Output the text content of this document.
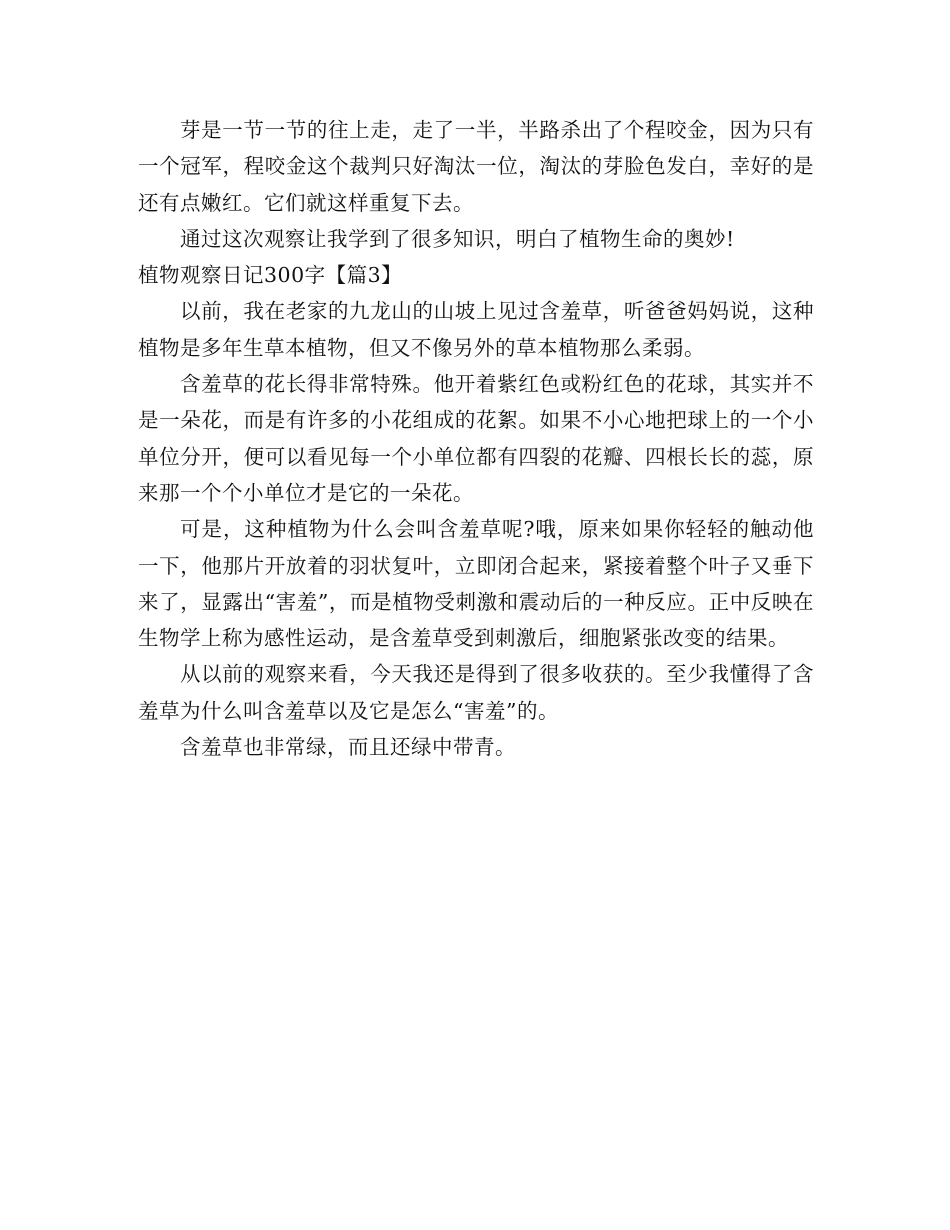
芽是一节一节的往上走，走了一半，半路杀出了个程咬金，因为只有一个冠军，程咬金这个裁判只好淘汰一位，淘汰的芽脸色发白，幸好的是还有点嫩红。它们就这样重复下去。

通过这次观察让我学到了很多知识，明白了植物生命的奥妙!

植物观察日记300字【篇3】

以前，我在老家的九龙山的山坡上见过含羞草，听爸爸妈妈说，这种植物是多年生草本植物，但又不像另外的草本植物那么柔弱。

含羞草的花长得非常特殊。他开着紫红色或粉红色的花球，其实并不是一朵花，而是有许多的小花组成的花絮。如果不小心地把球上的一个小单位分开，便可以看见每一个小单位都有四裂的花瓣、四根长长的蕊，原来那一个个小单位才是它的一朵花。

可是，这种植物为什么会叫含羞草呢?哦，原来如果你轻轻的触动他一下，他那片开放着的羽状复叶，立即闭合起来，紧接着整个叶子又垂下来了，显露出“害羞”，而是植物受刺激和震动后的一种反应。正中反映在生物学上称为感性运动，是含羞草受到刺激后，细胞紧张改变的结果。

从以前的观察来看，今天我还是得到了很多收获的。至少我懂得了含羞草为什么叫含羞草以及它是怎么“害羞”的。

含羞草也非常绿，而且还绿中带青。
